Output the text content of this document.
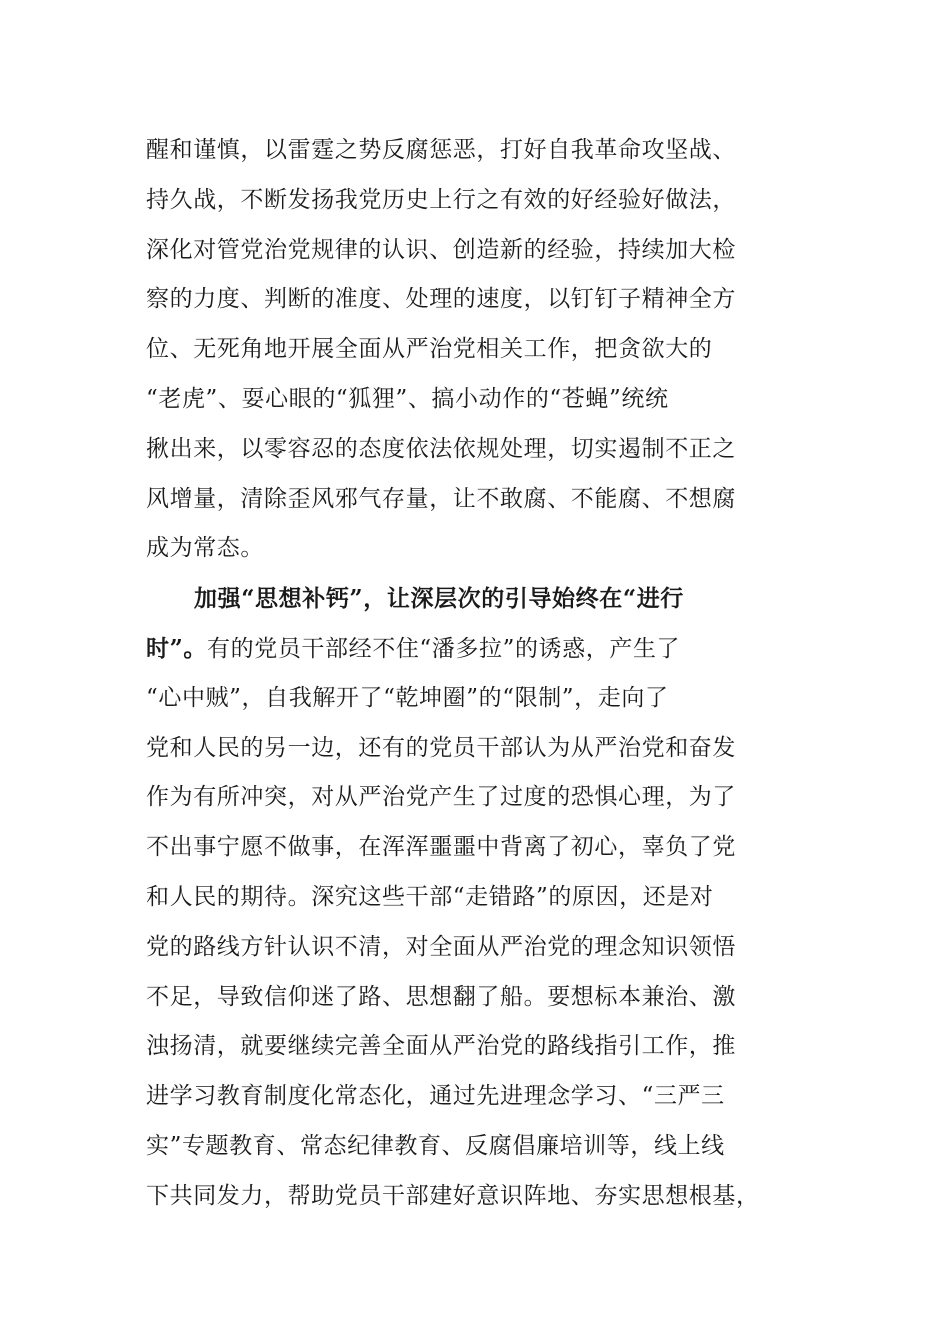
醒和谨慎，以雷霆之势反腐惩恶，打好自我革命攻坚战、
持久战，不断发扬我党历史上行之有效的好经验好做法，
深化对管党治党规律的认识、创造新的经验，持续加大检
察的力度、判断的准度、处理的速度，以钉钉子精神全方
位、无死角地开展全面从严治党相关工作，把贪欲大的
“老虎”、耍心眼的“狐狸”、搞小动作的“苍蝇”统统
揪出来，以零容忍的态度依法依规处理，切实遏制不正之
风增量，清除歪风邪气存量，让不敢腐、不能腐、不想腐
成为常态。
加强“思想补钙”，让深层次的引导始终在“进行
时”。有的党员干部经不住“潘多拉”的诱惑，产生了
“心中贼”，自我解开了“乾坤圈”的“限制”，走向了
党和人民的另一边，还有的党员干部认为从严治党和奋发
作为有所冲突，对从严治党产生了过度的恐惧心理，为了
不出事宁愿不做事，在浑浑噩噩中背离了初心，辜负了党
和人民的期待。深究这些干部“走错路”的原因，还是对
党的路线方针认识不清，对全面从严治党的理念知识领悟
不足，导致信仰迷了路、思想翻了船。要想标本兼治、激
浊扬清，就要继续完善全面从严治党的路线指引工作，推
进学习教育制度化常态化，通过先进理念学习、“三严三
实”专题教育、常态纪律教育、反腐倡廉培训等，线上线
下共同发力，帮助党员干部建好意识阵地、夯实思想根基，
